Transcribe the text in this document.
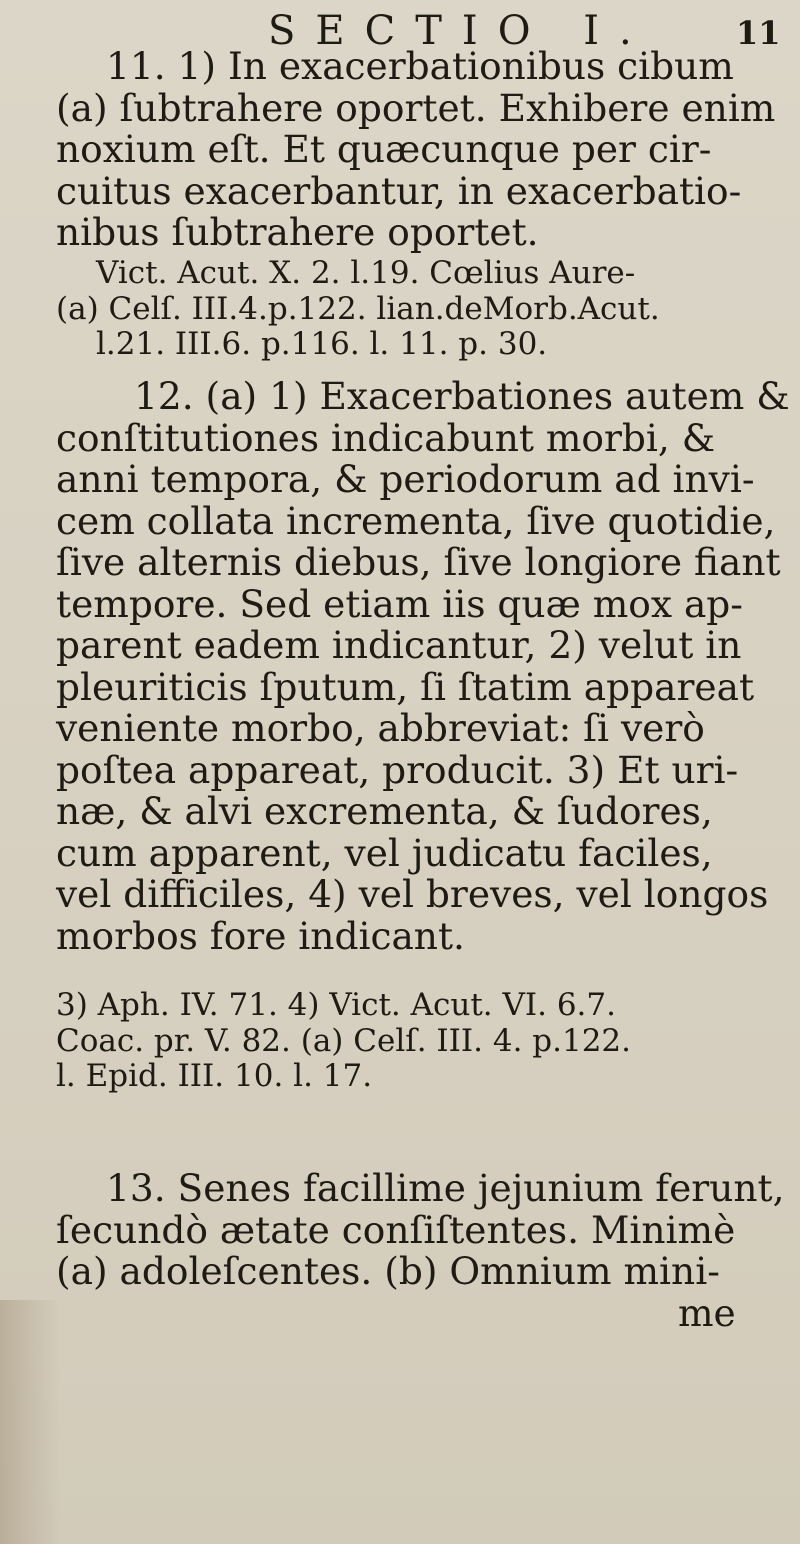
SECTIO I.	11
11. 1) In exacerbationibus cibum
(a) ſubtrahere oportet. Exhibere enim
noxium eſt. Et quæcunque per cir-
cuitus exacerbantur, in exacerbatio-
nibus ſubtrahere oportet.
Vict. Acut. X. 2. l.19. Cœlius Aure-
(a) Celſ. III.4.p.122. lian.deMorb.Acut.
l.21. III.6. p.116. l. 11. p. 30.
12. (a) 1) Exacerbationes autem &
conſtitutiones indicabunt morbi, &
anni tempora, & periodorum ad invi-
cem collata incrementa, ſive quotidie,
ſive alternis diebus, ſive longiore fiant
tempore. Sed etiam iis quæ mox ap-
parent eadem indicantur, 2) velut in
pleuriticis ſputum, ſi ſtatim appareat
veniente morbo, abbreviat: ſi verò
poſtea appareat, producit. 3) Et uri-
næ, & alvi excrementa, & ſudores,
cum apparent, vel judicatu faciles,
vel difficiles, 4) vel breves, vel longos
morbos fore indicant.
3) Aph. IV. 71. 4) Vict. Acut. VI. 6.7.
Coac. pr. V. 82. (a) Celſ. III. 4. p.122.
l. Epid. III. 10. l. 17.
13. Senes facillime jejunium ferunt,
ſecundò ætate conſiſtentes. Minimè
(a) adoleſcentes. (b) Omnium mini-
me
